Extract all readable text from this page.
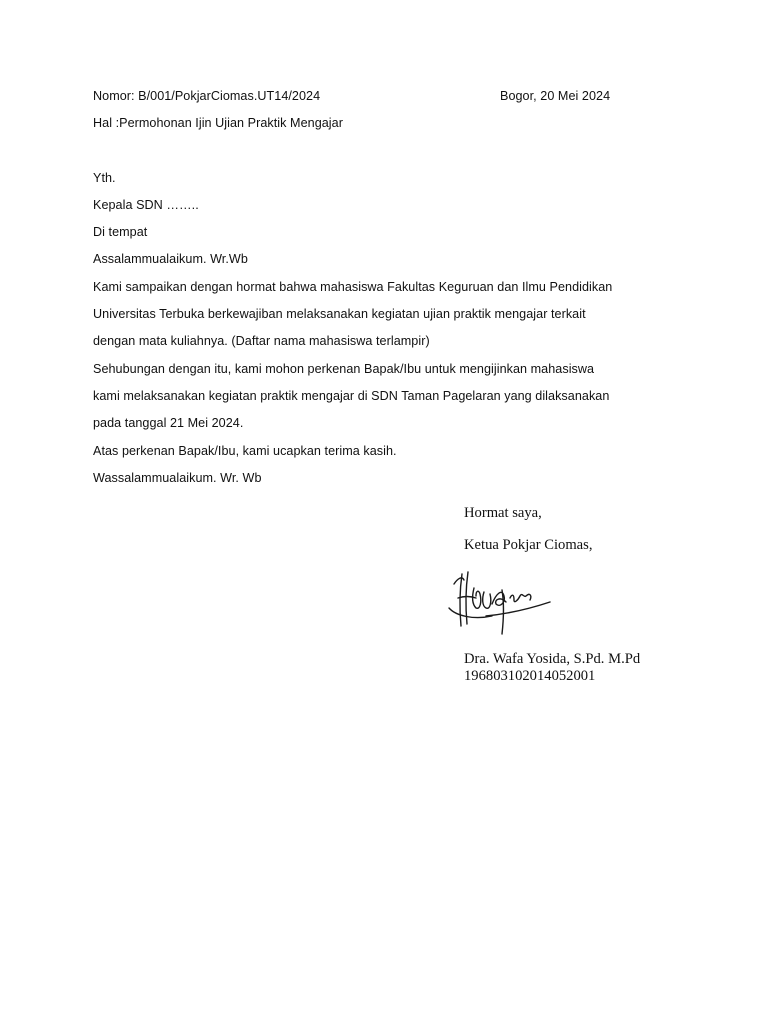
Nomor: B/001/PokjarCiomas.UT14/2024	Bogor, 20 Mei 2024
Hal :Permohonan Ijin Ujian Praktik Mengajar
Yth.
Kepala SDN ……..
Di tempat
Assalammualaikum. Wr.Wb
Kami sampaikan dengan hormat bahwa mahasiswa Fakultas Keguruan dan Ilmu Pendidikan
Universitas Terbuka berkewajiban melaksanakan kegiatan ujian praktik mengajar terkait
dengan mata kuliahnya. (Daftar nama mahasiswa terlampir)
Sehubungan dengan itu, kami mohon perkenan Bapak/Ibu untuk mengijinkan mahasiswa
kami melaksanakan kegiatan praktik mengajar di SDN Taman Pagelaran yang dilaksanakan
pada tanggal 21 Mei 2024.
Atas perkenan Bapak/Ibu, kami ucapkan terima kasih.
Wassalammualaikum. Wr. Wb
Hormat saya,
Ketua Pokjar Ciomas,
Dra. Wafa Yosida, S.Pd. M.Pd
196803102014052001
